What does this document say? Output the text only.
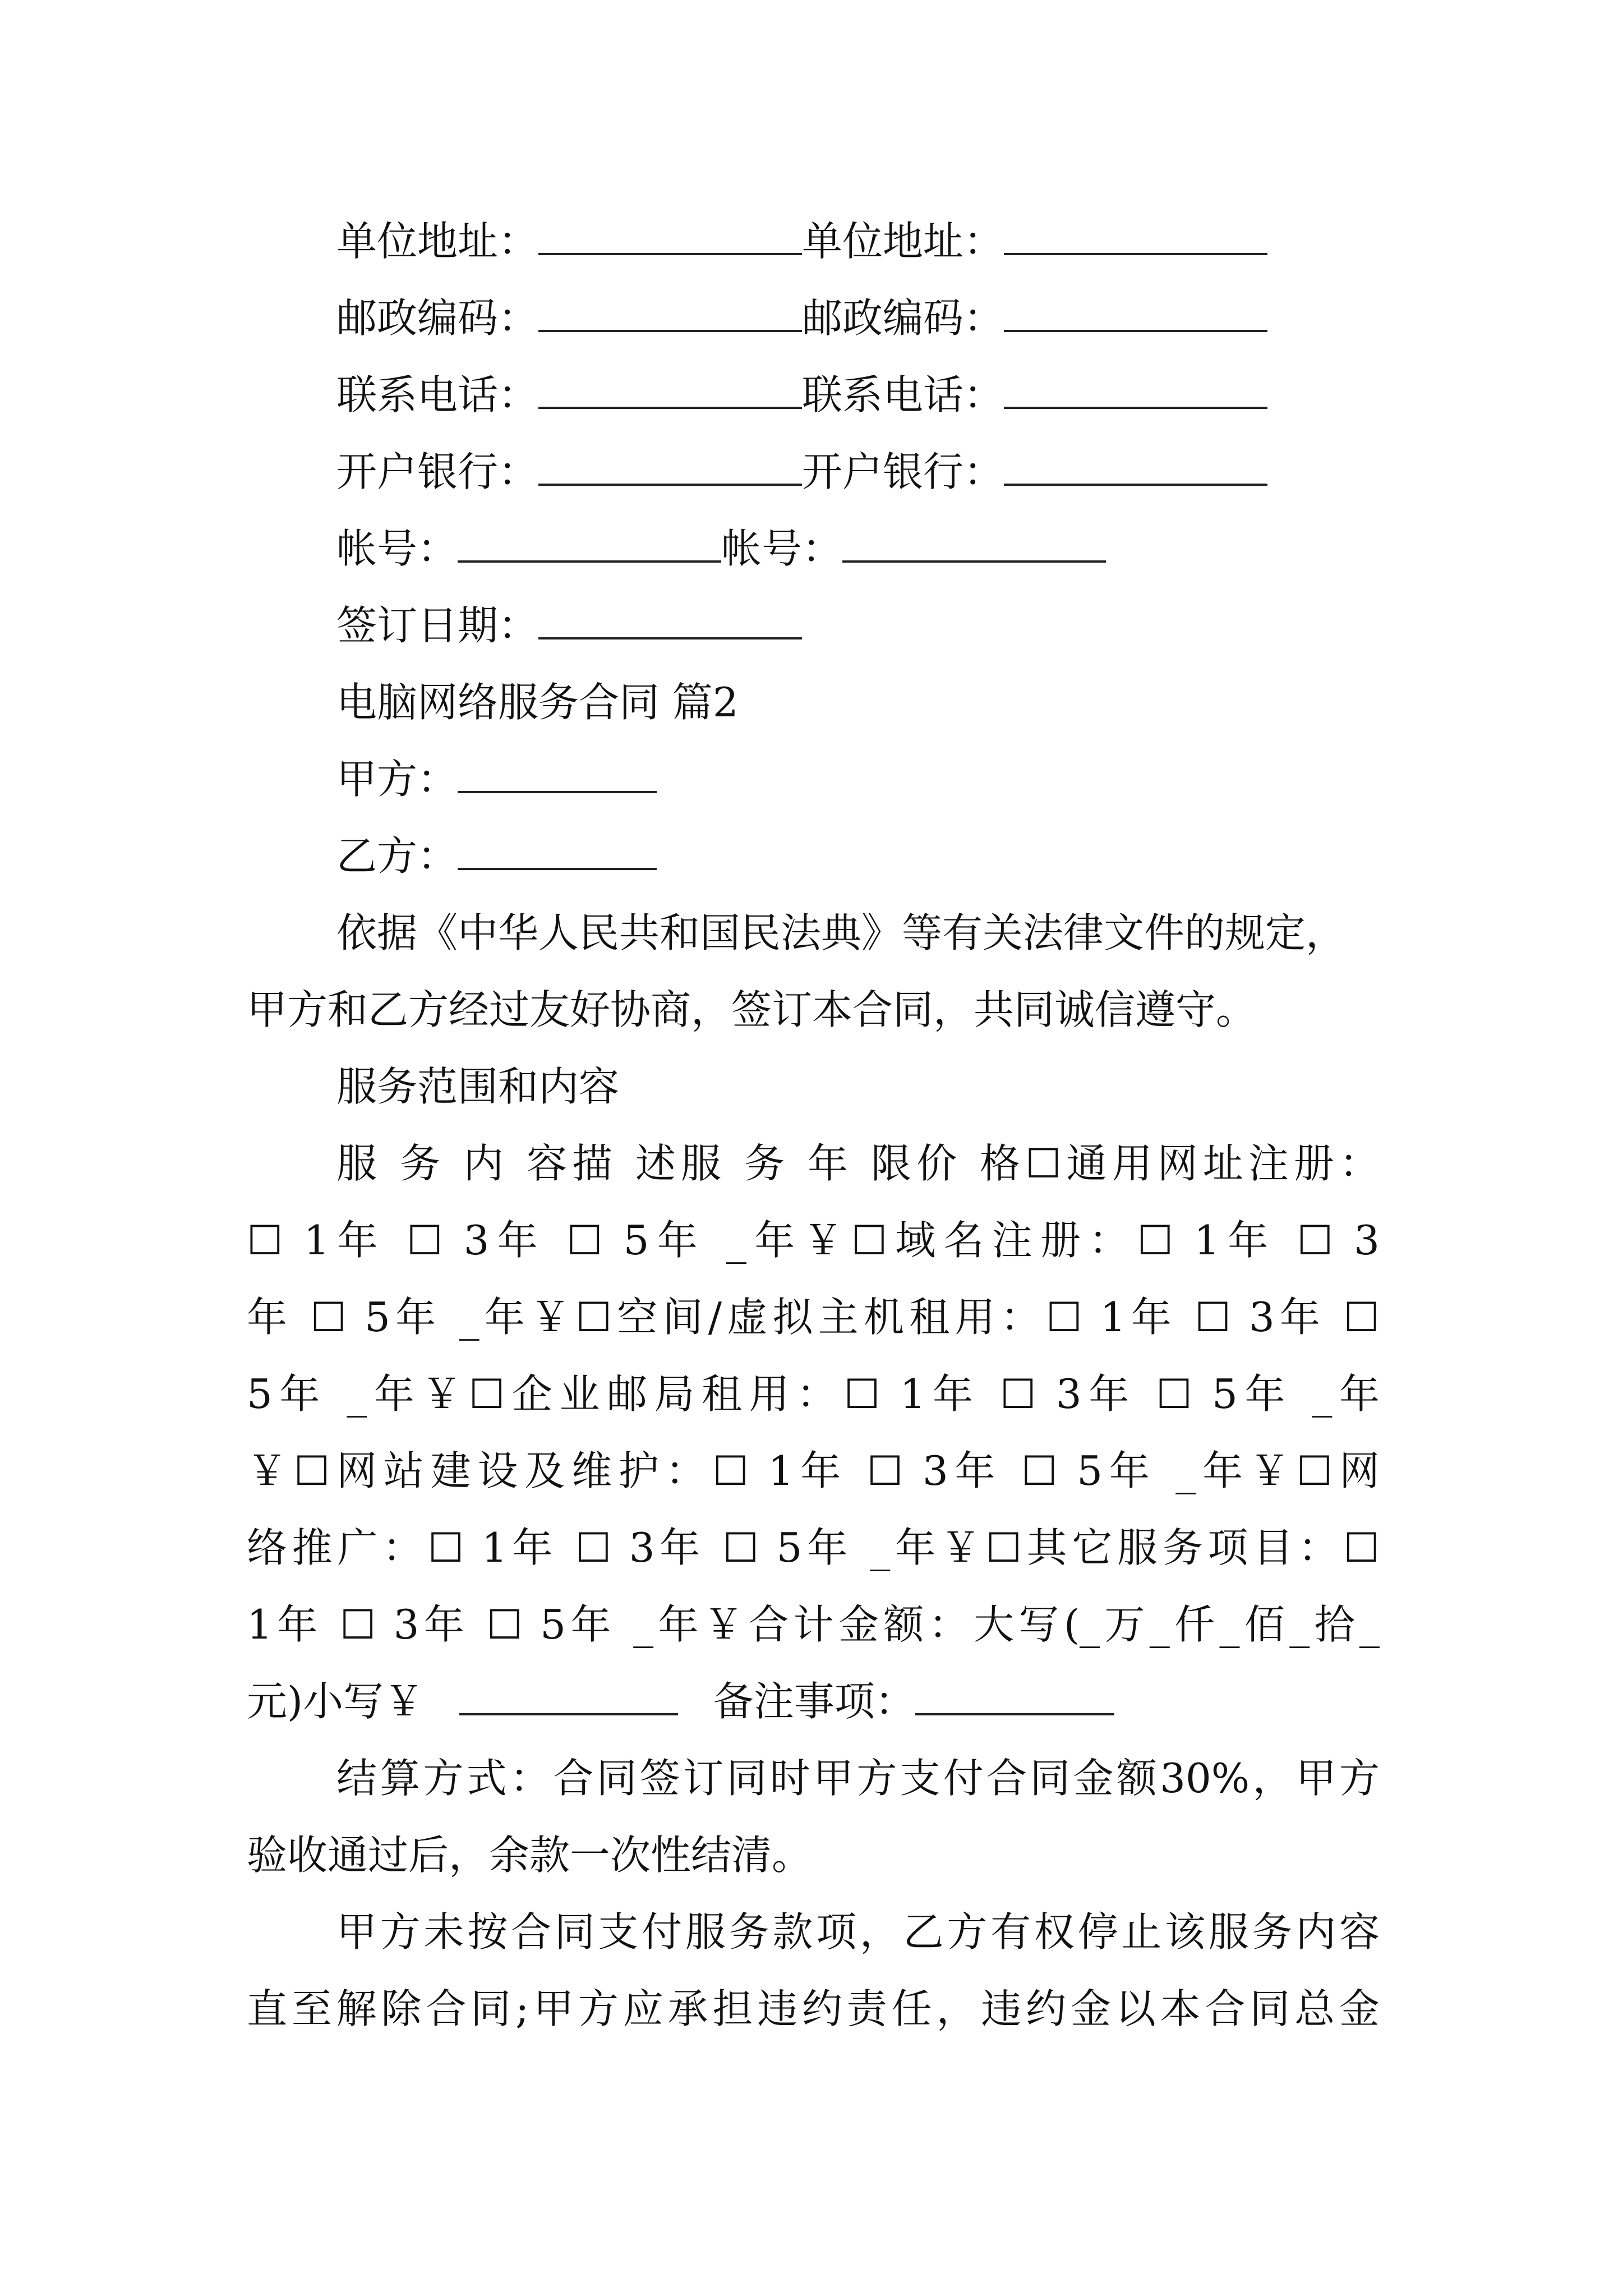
单位地址：	单位地址：
邮政编码：	邮政编码：
联系电话：	联系电话：
开户银行：	开户银行：
帐号：	帐号：
签订日期：
电脑网络服务合同 篇2
甲方：
乙方：
依据《中华人民共和国民法典》等有关法律文件的规定，
甲方和乙方经过友好协商，签订本合同，共同诚信遵守。
服务范围和内容
服 务 内 容描 述服 务 年 限价 格☐通用网址注册：
☐ 1年 ☐ 3年 ☐ 5年 _年￥☐域名注册：☐ 1年 ☐ 3
年 ☐ 5年 _年￥☐空间/虚拟主机租用：☐ 1年 ☐ 3年 ☐
5年 _年￥☐企业邮局租用：☐ 1年 ☐ 3年 ☐ 5年 _年
￥☐网站建设及维护：☐ 1年 ☐ 3年 ☐ 5年 _年￥☐网
络推广：☐ 1年 ☐ 3年 ☐ 5年 _年￥☐其它服务项目：☐
1年 ☐ 3年 ☐ 5年 _年￥合计金额：大写(_万_仟_佰_拾_
元)小写￥	备注事项：
结算方式：合同签订同时甲方支付合同金额30%，甲方
验收通过后，余款一次性结清。
甲方未按合同支付服务款项，乙方有权停止该服务内容
直至解除合同;甲方应承担违约责任，违约金以本合同总金
